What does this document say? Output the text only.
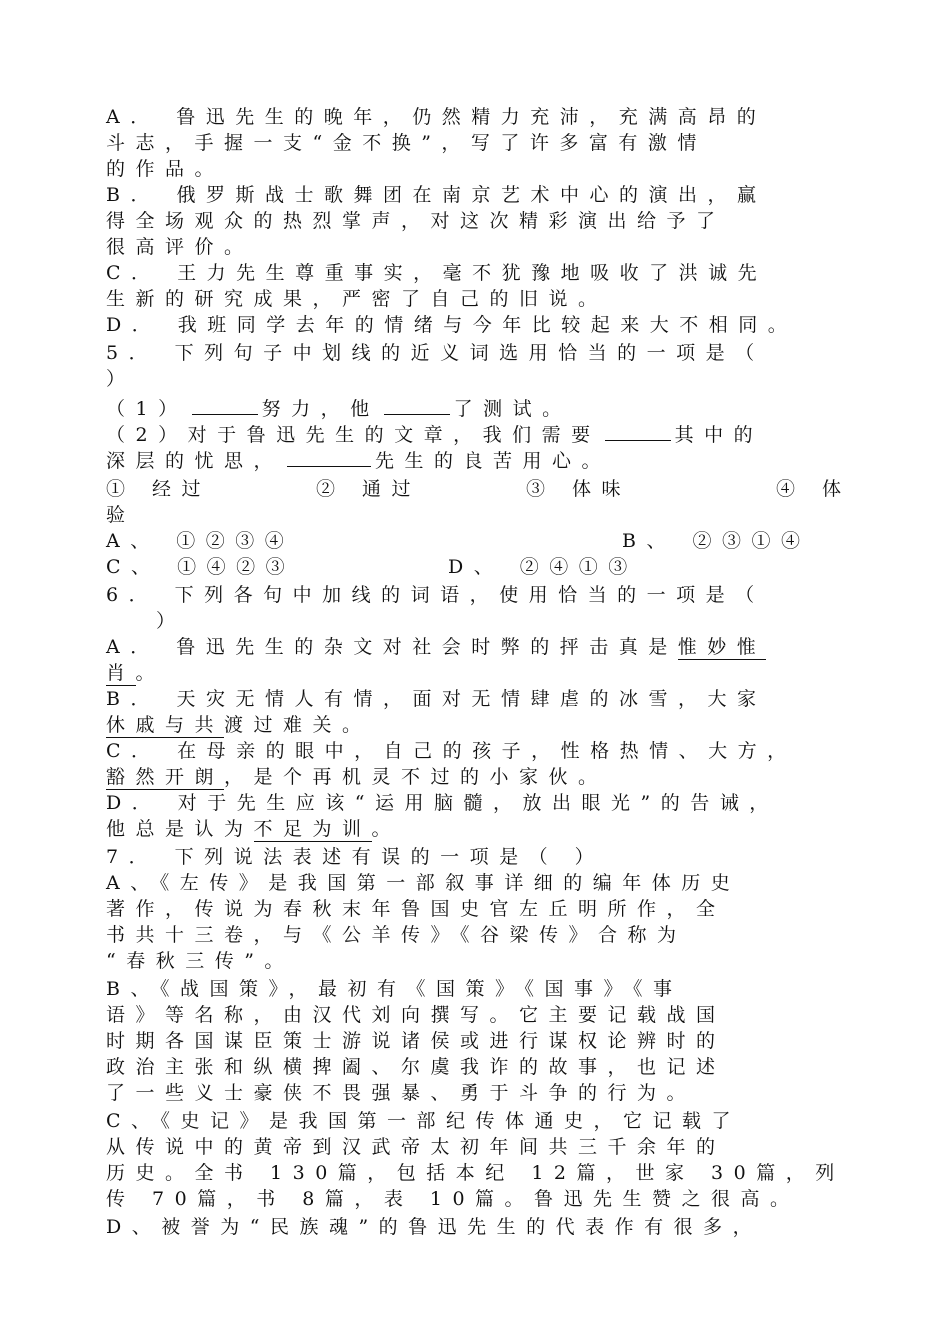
A． 鲁迅先生的晚年，仍然精力充沛，充满高昂的
斗志，手握一支“金不换”，写了许多富有激情
的作品。
B． 俄罗斯战士歌舞团在南京艺术中心的演出，赢
得全场观众的热烈掌声，对这次精彩演出给予了
很高评价。
C． 王力先生尊重事实，毫不犹豫地吸收了洪诚先
生新的研究成果，严密了自己的旧说。
D． 我班同学去年的情绪与今年比较起来大不相同。
5． 下列句子中划线的近义词选用恰当的一项是（
）
（1）	努力，他	了测试。
（2）对于鲁迅先生的文章，我们需要	其中的
深层的忧思，	先生的良苦用心。
① 经过	② 通过	③ 体味	④ 体
验
A、 ①②③④	B、 ②③①④
C、 ①④②③	D、 ②④①③
6． 下列各句中加线的词语，使用恰当的一项是（
）
A． 鲁迅先生的杂文对社会时弊的抨击真是惟妙惟
肖。
B． 天灾无情人有情，面对无情肆虐的冰雪，大家
休戚与共渡过难关。
C． 在母亲的眼中，自己的孩子，性格热情、大方，
豁然开朗，是个再机灵不过的小家伙。
D． 对于先生应该“运用脑髓，放出眼光”的告诫，
他总是认为不足为训。
7． 下列说法表述有误的一项是（ ）
A、《左传》是我国第一部叙事详细的编年体历史
著作，传说为春秋末年鲁国史官左丘明所作，全
书共十三卷，与《公羊传》《谷梁传》合称为
“春秋三传”。
B、《战国策》，最初有《国策》《国事》《事
语》等名称，由汉代刘向撰写。它主要记载战国
时期各国谋臣策士游说诸侯或进行谋权论辨时的
政治主张和纵横捭阖、尔虞我诈的故事，也记述
了一些义士豪侠不畏强暴、勇于斗争的行为。
C、《史记》是我国第一部纪传体通史，它记载了
从传说中的黄帝到汉武帝太初年间共三千余年的
历史。全书 130篇，包括本纪 12篇，世家 30篇，列
传 70篇，书 8篇，表 10篇。鲁迅先生赞之很高。
D、被誉为“民族魂”的鲁迅先生的代表作有很多，
